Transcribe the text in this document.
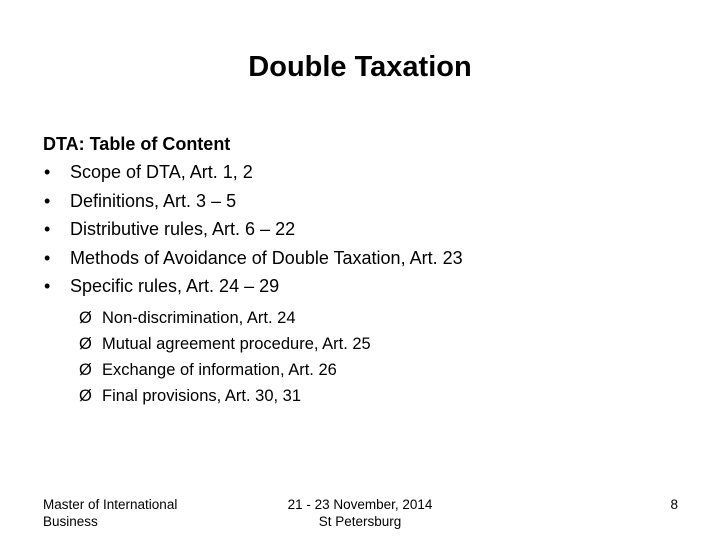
Double Taxation
DTA: Table of Content
• Scope of DTA, Art. 1, 2
• Definitions, Art. 3 – 5
• Distributive rules, Art. 6 – 22
• Methods of Avoidance of Double Taxation, Art. 23
• Specific rules, Art. 24 – 29
Ø Non-discrimination, Art. 24
Ø Mutual agreement procedure, Art. 25
Ø Exchange of information, Art. 26
Ø Final provisions, Art. 30, 31
Master of International
Business
21 - 23 November, 2014
St Petersburg
8
